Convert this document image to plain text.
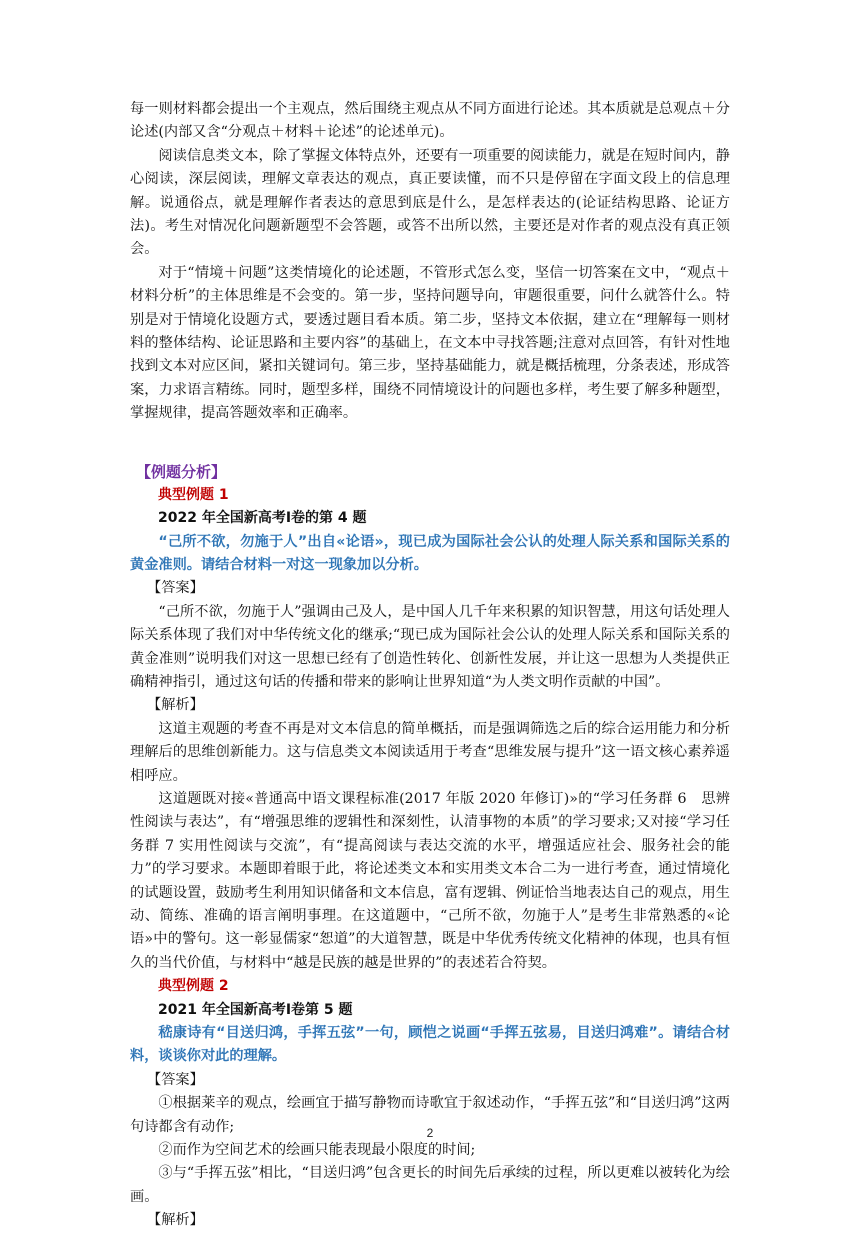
每一则材料都会提出一个主观点，然后围绕主观点从不同方面进行论述。其本质就是总观点＋分论述(内部又含“分观点＋材料＋论述”的论述单元)。

阅读信息类文本，除了掌握文体特点外，还要有一项重要的阅读能力，就是在短时间内，静心阅读，深层阅读，理解文章表达的观点，真正要读懂，而不只是停留在字面文段上的信息理解。说通俗点，就是理解作者表达的意思到底是什么，是怎样表达的(论证结构思路、论证方法)。考生对情况化问题新题型不会答题，或答不出所以然，主要还是对作者的观点没有真正领会。

对于“情境＋问题”这类情境化的论述题，不管形式怎么变，坚信一切答案在文中，“观点＋材料分析”的主体思维是不会变的。第一步，坚持问题导向，审题很重要，问什么就答什么。特别是对于情境化设题方式，要透过题目看本质。第二步，坚持文本依据，建立在“理解每一则材料的整体结构、论证思路和主要内容”的基础上，在文本中寻找答题;注意对点回答，有针对性地找到文本对应区间，紧扣关键词句。第三步，坚持基础能力，就是概括梳理，分条表述，形成答案，力求语言精练。同时，题型多样，围绕不同情境设计的问题也多样，考生要了解多种题型，掌握规律，提高答题效率和正确率。

【例题分析】

典型例题 1

2022 年全国新高考Ⅰ卷的第 4 题

“己所不欲，勿施于人”出自«论语»，现已成为国际社会公认的处理人际关系和国际关系的黄金准则。请结合材料一对这一现象加以分析。

【答案】

“己所不欲，勿施于人”强调由己及人，是中国人几千年来积累的知识智慧，用这句话处理人际关系体现了我们对中华传统文化的继承;“现已成为国际社会公认的处理人际关系和国际关系的黄金准则”说明我们对这一思想已经有了创造性转化、创新性发展，并让这一思想为人类提供正确精神指引，通过这句话的传播和带来的影响让世界知道“为人类文明作贡献的中国”。

【解析】

这道主观题的考查不再是对文本信息的简单概括，而是强调筛选之后的综合运用能力和分析理解后的思维创新能力。这与信息类文本阅读适用于考查“思维发展与提升”这一语文核心素养遥相呼应。

这道题既对接«普通高中语文课程标准(2017 年版 2020 年修订)»的“学习任务群 6　思辨性阅读与表达”，有“增强思维的逻辑性和深刻性，认清事物的本质”的学习要求;又对接“学习任务群 7 实用性阅读与交流”，有“提高阅读与表达交流的水平，增强适应社会、服务社会的能力”的学习要求。本题即着眼于此，将论述类文本和实用类文本合二为一进行考查，通过情境化的试题设置，鼓励考生利用知识储备和文本信息，富有逻辑、例证恰当地表达自己的观点，用生动、简练、准确的语言阐明事理。在这道题中，“己所不欲，勿施于人”是考生非常熟悉的«论语»中的警句。这一彰显儒家“恕道”的大道智慧，既是中华优秀传统文化精神的体现，也具有恒久的当代价值，与材料中“越是民族的越是世界的”的表述若合符契。

典型例题 2

2021 年全国新高考Ⅰ卷第 5 题

嵇康诗有“目送归鸿，手挥五弦”一句，顾恺之说画“手挥五弦易，目送归鸿难”。请结合材料，谈谈你对此的理解。

【答案】

①根据莱辛的观点，绘画宜于描写静物而诗歌宜于叙述动作，“手挥五弦”和“目送归鸿”这两句诗都含有动作;

②而作为空间艺术的绘画只能表现最小限度的时间;

③与“手挥五弦”相比，“目送归鸿”包含更长的时间先后承续的过程，所以更难以被转化为绘画。

【解析】

2
